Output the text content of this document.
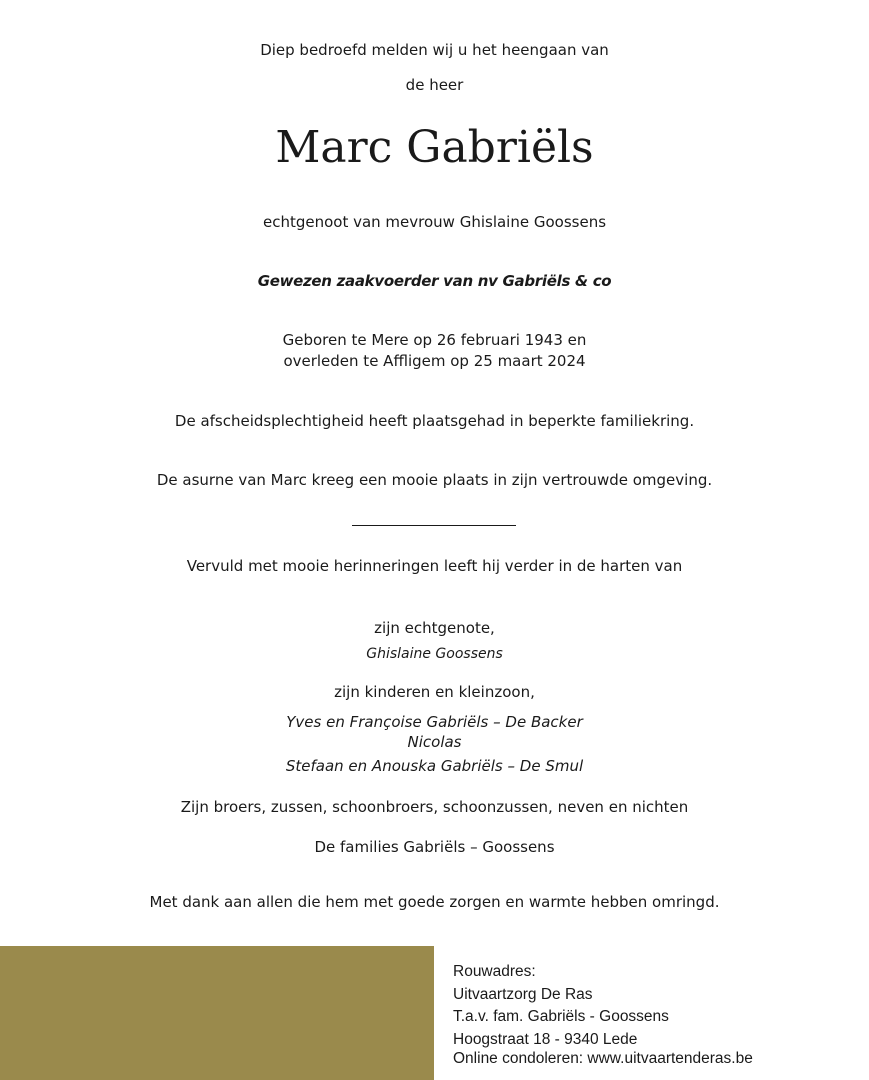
Diep bedroefd melden wij u het heengaan van
de heer
Marc Gabriëls
echtgenoot van mevrouw Ghislaine Goossens
Gewezen zaakvoerder van nv Gabriëls & co
Geboren te Mere op 26 februari 1943 en
overleden te Affligem op 25 maart 2024
De afscheidsplechtigheid heeft plaatsgehad in beperkte familiekring.
De asurne van Marc kreeg een mooie plaats in zijn vertrouwde omgeving.
Vervuld met mooie herinneringen leeft hij verder in de harten van
zijn echtgenote,
Ghislaine Goossens
zijn kinderen en kleinzoon,
Yves en Françoise Gabriëls – De Backer
Nicolas
Stefaan en Anouska Gabriëls – De Smul
Zijn broers, zussen, schoonbroers, schoonzussen, neven en nichten
De families Gabriëls – Goossens
Met dank aan allen die hem met goede zorgen en warmte hebben omringd.
Rouwadres:
Uitvaartzorg De Ras
T.a.v. fam. Gabriëls - Goossens
Hoogstraat 18 - 9340 Lede
Online condoleren: www.uitvaartenderas.be
